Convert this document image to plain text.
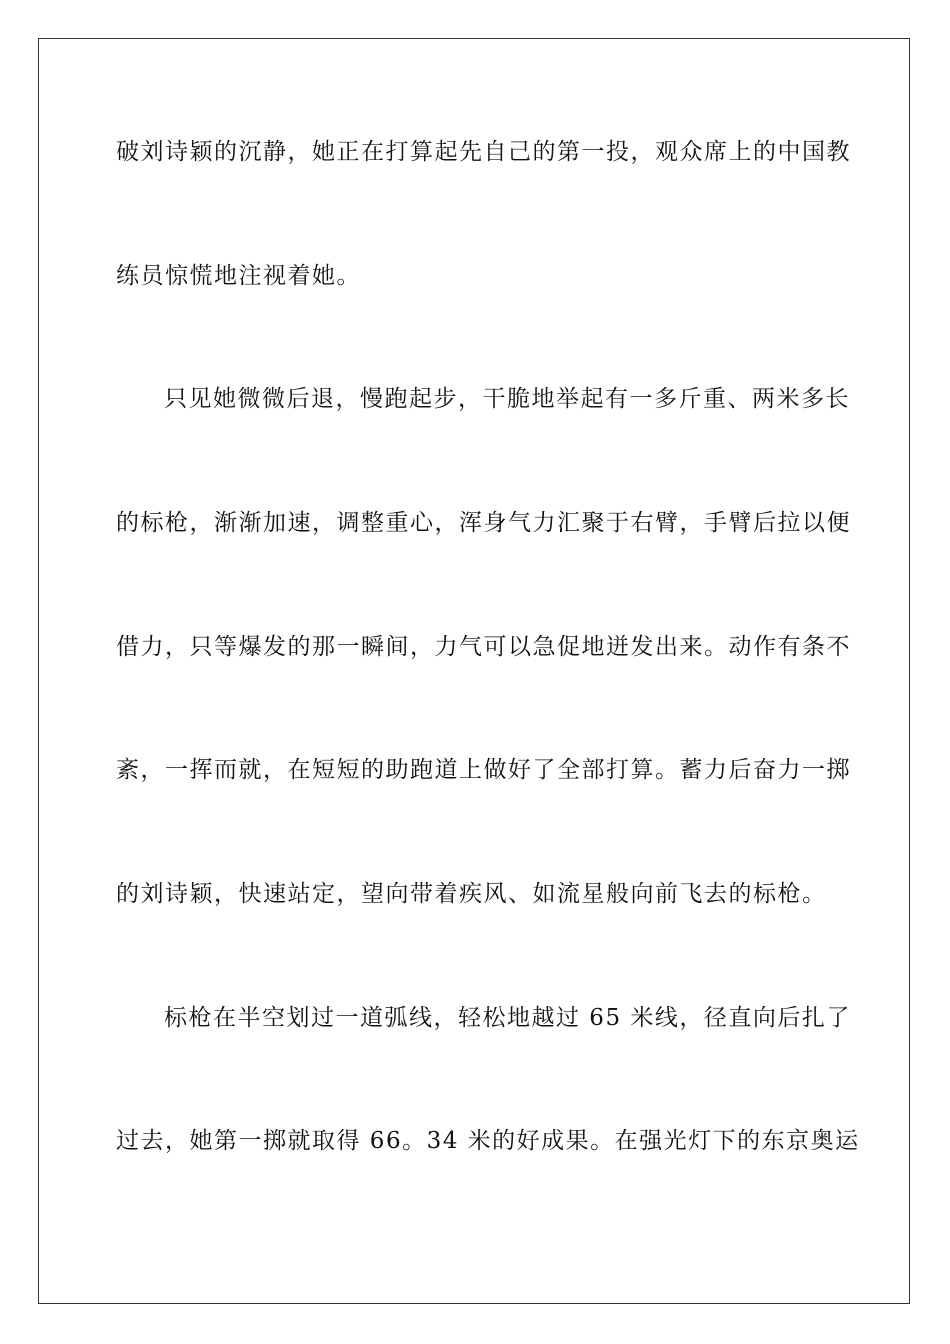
破刘诗颖的沉静，她正在打算起先自己的第一投，观众席上的中国教
练员惊慌地注视着她。
只见她微微后退，慢跑起步，干脆地举起有一多斤重、两米多长
的标枪，渐渐加速，调整重心，浑身气力汇聚于右臂，手臂后拉以便
借力，只等爆发的那一瞬间，力气可以急促地迸发出来。动作有条不
紊，一挥而就，在短短的助跑道上做好了全部打算。蓄力后奋力一掷
的刘诗颖，快速站定，望向带着疾风、如流星般向前飞去的标枪。
标枪在半空划过一道弧线，轻松地越过 65 米线，径直向后扎了
过去，她第一掷就取得 66。34 米的好成果。在强光灯下的东京奥运
